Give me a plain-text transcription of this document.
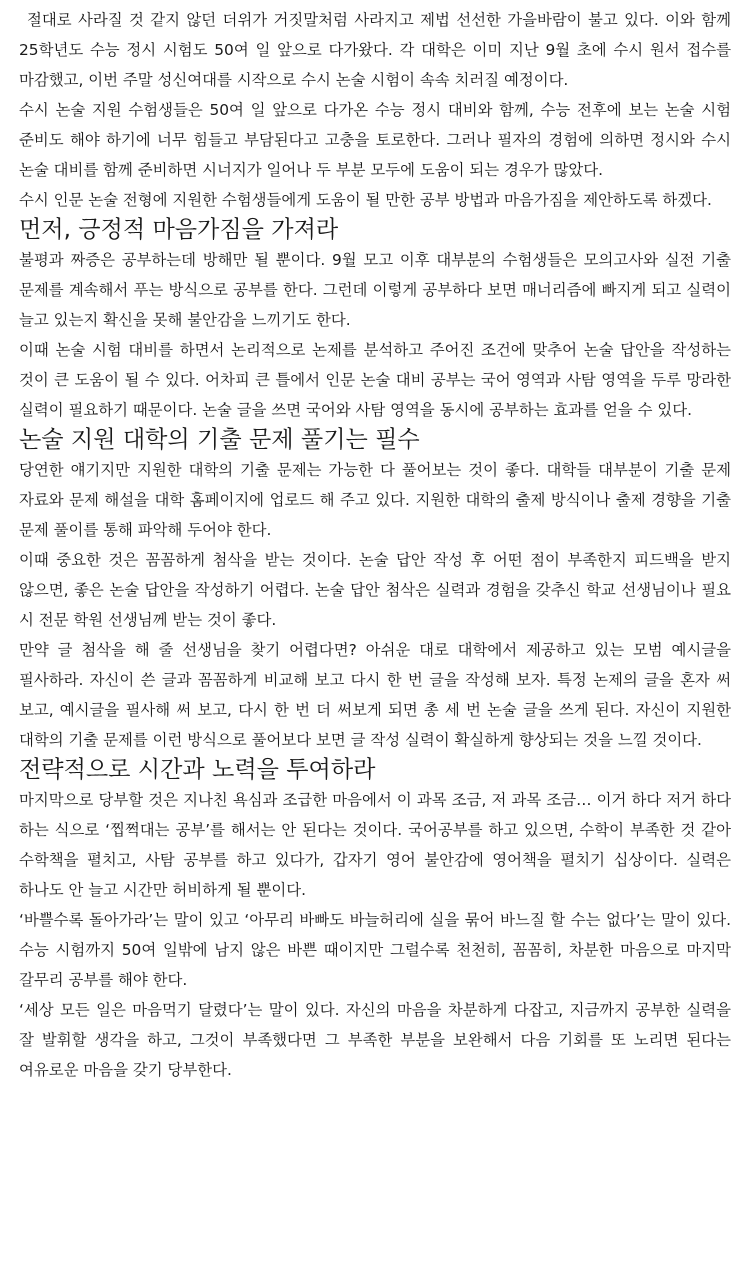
절대로 사라질 것 같지 않던 더위가 거짓말처럼 사라지고 제법 선선한 가을바람이 불고 있다. 이와 함께 25학년도 수능 정시 시험도 50여 일 앞으로 다가왔다. 각 대학은 이미 지난 9월 초에 수시 원서 접수를 마감했고, 이번 주말 성신여대를 시작으로 수시 논술 시험이 속속 치러질 예정이다.

수시 논술 지원 수험생들은 50여 일 앞으로 다가온 수능 정시 대비와 함께, 수능 전후에 보는 논술 시험 준비도 해야 하기에 너무 힘들고 부담된다고 고충을 토로한다. 그러나 필자의 경험에 의하면 정시와 수시 논술 대비를 함께 준비하면 시너지가 일어나 두 부분 모두에 도움이 되는 경우가 많았다.

수시 인문 논술 전형에 지원한 수험생들에게 도움이 될 만한 공부 방법과 마음가짐을 제안하도록 하겠다.

먼저, 긍정적 마음가짐을 가져라

불평과 짜증은 공부하는데 방해만 될 뿐이다. 9월 모고 이후 대부분의 수험생들은 모의고사와 실전 기출 문제를 계속해서 푸는 방식으로 공부를 한다. 그런데 이렇게 공부하다 보면 매너리즘에 빠지게 되고 실력이 늘고 있는지 확신을 못해 불안감을 느끼기도 한다.

이때 논술 시험 대비를 하면서 논리적으로 논제를 분석하고 주어진 조건에 맞추어 논술 답안을 작성하는 것이 큰 도움이 될 수 있다. 어차피 큰 틀에서 인문 논술 대비 공부는 국어 영역과 사탐 영역을 두루 망라한 실력이 필요하기 때문이다. 논술 글을 쓰면 국어와 사탐 영역을 동시에 공부하는 효과를 얻을 수 있다.

논술 지원 대학의 기출 문제 풀기는 필수

당연한 얘기지만 지원한 대학의 기출 문제는 가능한 다 풀어보는 것이 좋다. 대학들 대부분이 기출 문제 자료와 문제 해설을 대학 홈페이지에 업로드 해 주고 있다. 지원한 대학의 출제 방식이나 출제 경향을 기출 문제 풀이를 통해 파악해 두어야 한다.

이때 중요한 것은 꼼꼼하게 첨삭을 받는 것이다. 논술 답안 작성 후 어떤 점이 부족한지 피드백을 받지 않으면, 좋은 논술 답안을 작성하기 어렵다. 논술 답안 첨삭은 실력과 경험을 갖추신 학교 선생님이나 필요 시 전문 학원 선생님께 받는 것이 좋다.

만약 글 첨삭을 해 줄 선생님을 찾기 어렵다면? 아쉬운 대로 대학에서 제공하고 있는 모범 예시글을 필사하라. 자신이 쓴 글과 꼼꼼하게 비교해 보고 다시 한 번 글을 작성해 보자. 특정 논제의 글을 혼자 써 보고, 예시글을 필사해 써 보고, 다시 한 번 더 써보게 되면 총 세 번 논술 글을 쓰게 된다. 자신이 지원한 대학의 기출 문제를 이런 방식으로 풀어보다 보면 글 작성 실력이 확실하게 향상되는 것을 느낄 것이다.

전략적으로 시간과 노력을 투여하라

마지막으로 당부할 것은 지나친 욕심과 조급한 마음에서 이 과목 조금, 저 과목 조금… 이거 하다 저거 하다 하는 식으로 ‘찝쩍대는 공부’를 해서는 안 된다는 것이다. 국어공부를 하고 있으면, 수학이 부족한 것 같아 수학책을 펼치고, 사탐 공부를 하고 있다가, 갑자기 영어 불안감에 영어책을 펼치기 십상이다. 실력은 하나도 안 늘고 시간만 허비하게 될 뿐이다.

‘바쁠수록 돌아가라’는 말이 있고 ‘아무리 바빠도 바늘허리에 실을 묶어 바느질 할 수는 없다’는 말이 있다. 수능 시험까지 50여 일밖에 남지 않은 바쁜 때이지만 그럴수록 천천히, 꼼꼼히, 차분한 마음으로 마지막 갈무리 공부를 해야 한다.

‘세상 모든 일은 마음먹기 달렸다’는 말이 있다. 자신의 마음을 차분하게 다잡고, 지금까지 공부한 실력을 잘 발휘할 생각을 하고, 그것이 부족했다면 그 부족한 부분을 보완해서 다음 기회를 또 노리면 된다는 여유로운 마음을 갖기 당부한다.
